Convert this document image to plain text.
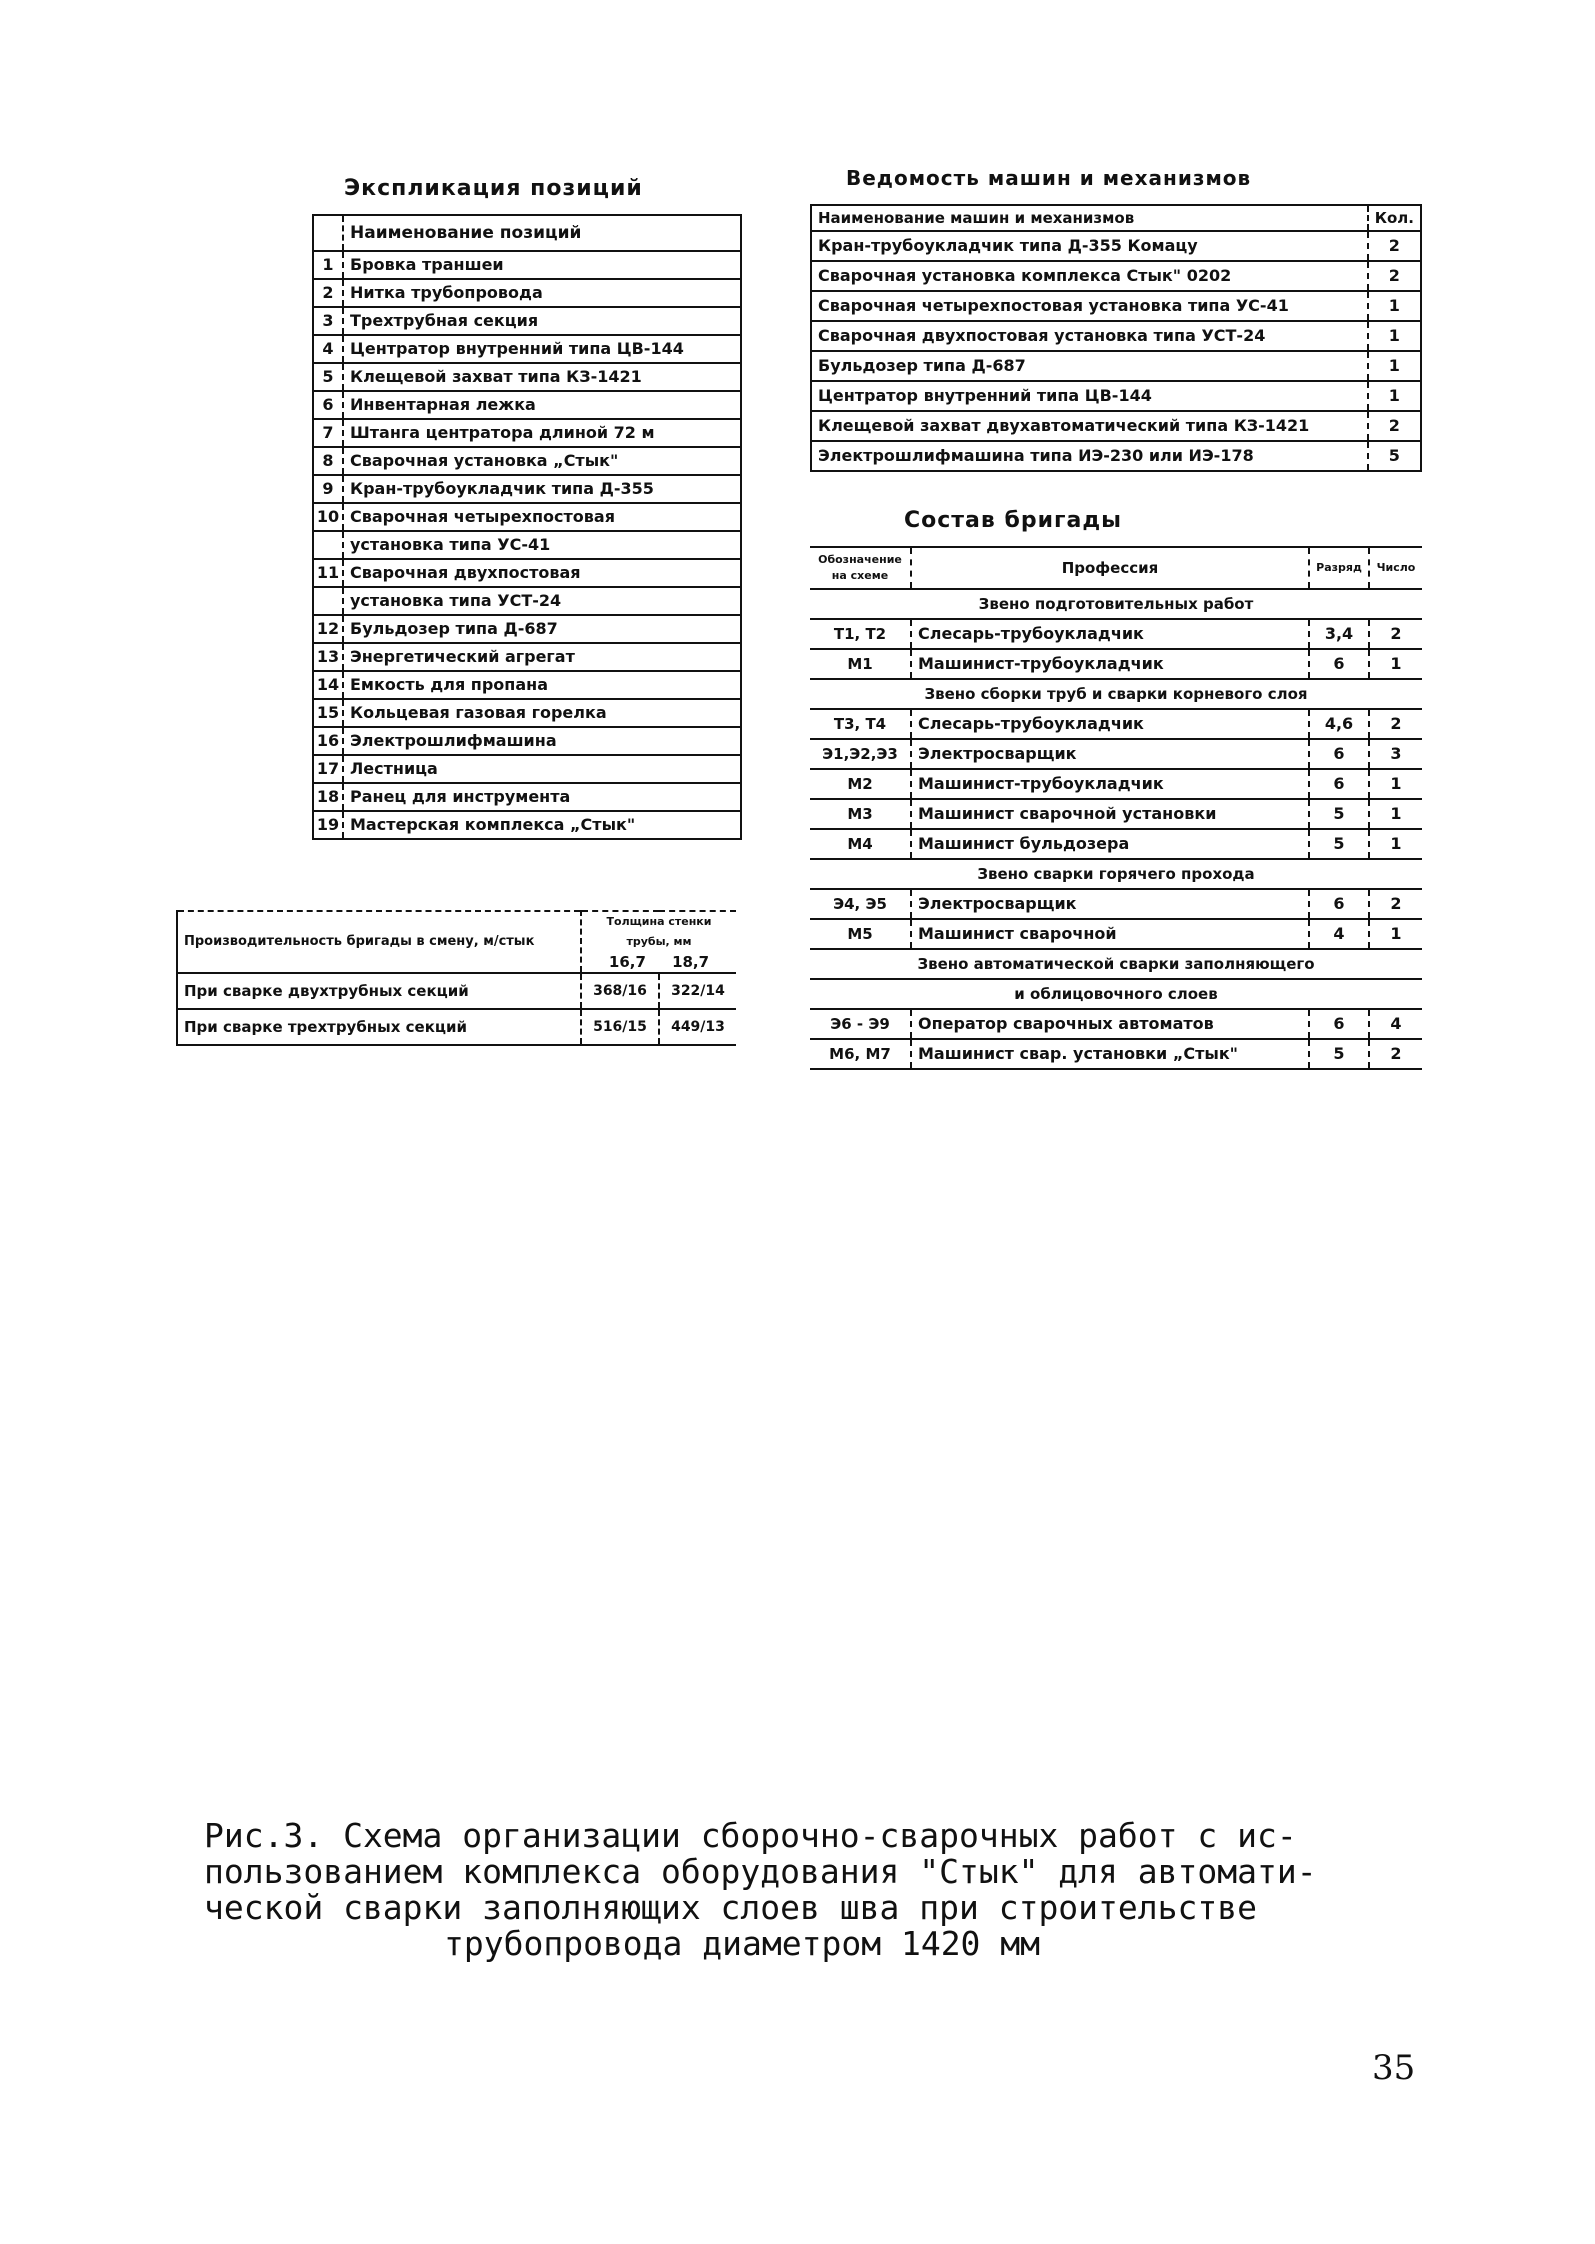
Экспликация позиций
	Наименование позиций
1	Бровка траншеи
2	Нитка трубопровода
3	Трехтрубная секция
4	Центратор внутренний типа ЦВ-144
5	Клещевой захват типа КЗ-1421
6	Инвентарная лежка
7	Штанга центратора длиной 72 м
8	Сварочная установка „Стык"
9	Кран-трубоукладчик типа Д-355
10	Сварочная четырехпостовая
	установка типа УС-41
11	Сварочная двухпостовая
	установка типа УСТ-24
12	Бульдозер типа Д-687
13	Энергетический агрегат
14	Емкость для пропана
15	Кольцевая газовая горелка
16	Электрошлифмашина
17	Лестница
18	Ранец для инструмента
19	Мастерская комплекса „Стык"
Ведомость машин и механизмов
Наименование машин и механизмов	Кол.
Кран-трубоукладчик типа Д-355 Комацу	2
Сварочная установка комплекса Стык" 0202	2
Сварочная четырехпостовая установка типа УС-41	1
Сварочная двухпостовая установка типа УСТ-24	1
Бульдозер типа Д-687	1
Центратор внутренний типа ЦВ-144	1
Клещевой захват двухавтоматический типа КЗ-1421	2
Электрошлифмашина типа ИЭ-230 или ИЭ-178	5
Состав бригады
Обозначение на схеме	Профессия	Разряд	Число
Звено подготовительных работ			
Т1, Т2	Слесарь-трубоукладчик	3,4	2
М1	Машинист-трубоукладчик	6	1
Звено сборки труб и сварки корневого слоя			
Т3, Т4	Слесарь-трубоукладчик	4,6	2
Э1,Э2,Э3	Электросварщик	6	3
М2	Машинист-трубоукладчик	6	1
М3	Машинист сварочной установки	5	1
М4	Машинист бульдозера	5	1
Звено сварки горячего прохода			
Э4, Э5	Электросварщик	6	2
М5	Машинист сварочной	4	1
Звено автоматической сварки заполняющего			
и облицовочного слоев			
Э6 - Э9	Оператор сварочных автоматов	6	4
М6, М7	Машинист свар. установки „Стык"	5	2
Производительность бригады в смену, м/стык	Толщина стенки трубы, мм
16,7 18,7	

При сварке двухтрубных секций	368/16	322/14
При сварке трехтрубных секций	516/15	449/13
Рис.3. Схема организации сборочно-сварочных работ с ис-
пользованием комплекса оборудования "Стык" для автомати-
ческой сварки заполняющих слоев шва при строительстве
трубопровода диаметром 1420 мм
35
